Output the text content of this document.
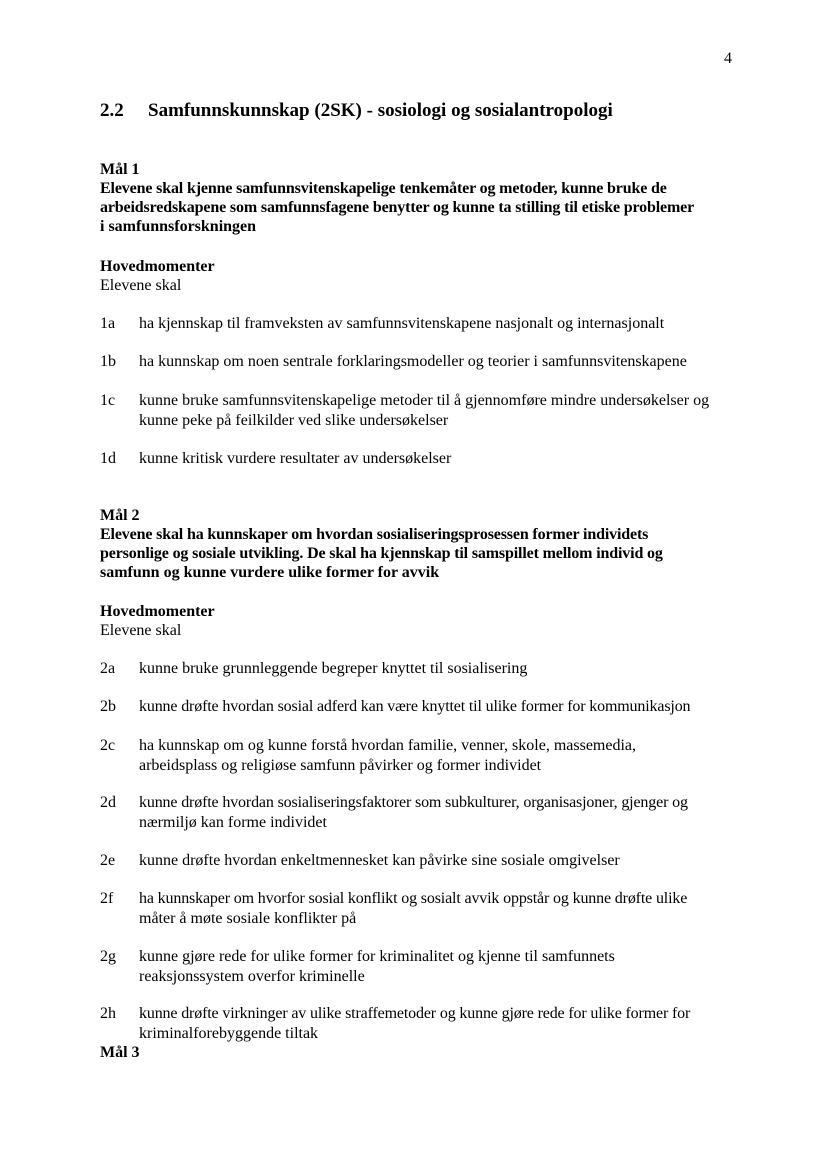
4
2.2 Samfunnskunnskap (2SK) - sosiologi og sosialantropologi
Mål 1
Elevene skal kjenne samfunnsvitenskapelige tenkemåter og metoder, kunne bruke de
arbeidsredskapene som samfunnsfagene benytter og kunne ta stilling til etiske problemer
i samfunnsforskningen
Hovedmomenter
Elevene skal
1a ha kjennskap til framveksten av samfunnsvitenskapene nasjonalt og internasjonalt
1b ha kunnskap om noen sentrale forklaringsmodeller og teorier i samfunnsvitenskapene
1c kunne bruke samfunnsvitenskapelige metoder til å gjennomføre mindre undersøkelser og
kunne peke på feilkilder ved slike undersøkelser
1d kunne kritisk vurdere resultater av undersøkelser
Mål 2
Elevene skal ha kunnskaper om hvordan sosialiseringsprosessen former individets
personlige og sosiale utvikling. De skal ha kjennskap til samspillet mellom individ og
samfunn og kunne vurdere ulike former for avvik
Hovedmomenter
Elevene skal
2a kunne bruke grunnleggende begreper knyttet til sosialisering
2b kunne drøfte hvordan sosial adferd kan være knyttet til ulike former for kommunikasjon
2c ha kunnskap om og kunne forstå hvordan familie, venner, skole, massemedia,
arbeidsplass og religiøse samfunn påvirker og former individet
2d kunne drøfte hvordan sosialiseringsfaktorer som subkulturer, organisasjoner, gjenger og
nærmiljø kan forme individet
2e kunne drøfte hvordan enkeltmennesket kan påvirke sine sosiale omgivelser
2f ha kunnskaper om hvorfor sosial konflikt og sosialt avvik oppstår og kunne drøfte ulike
måter å møte sosiale konflikter på
2g kunne gjøre rede for ulike former for kriminalitet og kjenne til samfunnets
reaksjonssystem overfor kriminelle
2h kunne drøfte virkninger av ulike straffemetoder og kunne gjøre rede for ulike former for
kriminalforebyggende tiltak
Mål 3
